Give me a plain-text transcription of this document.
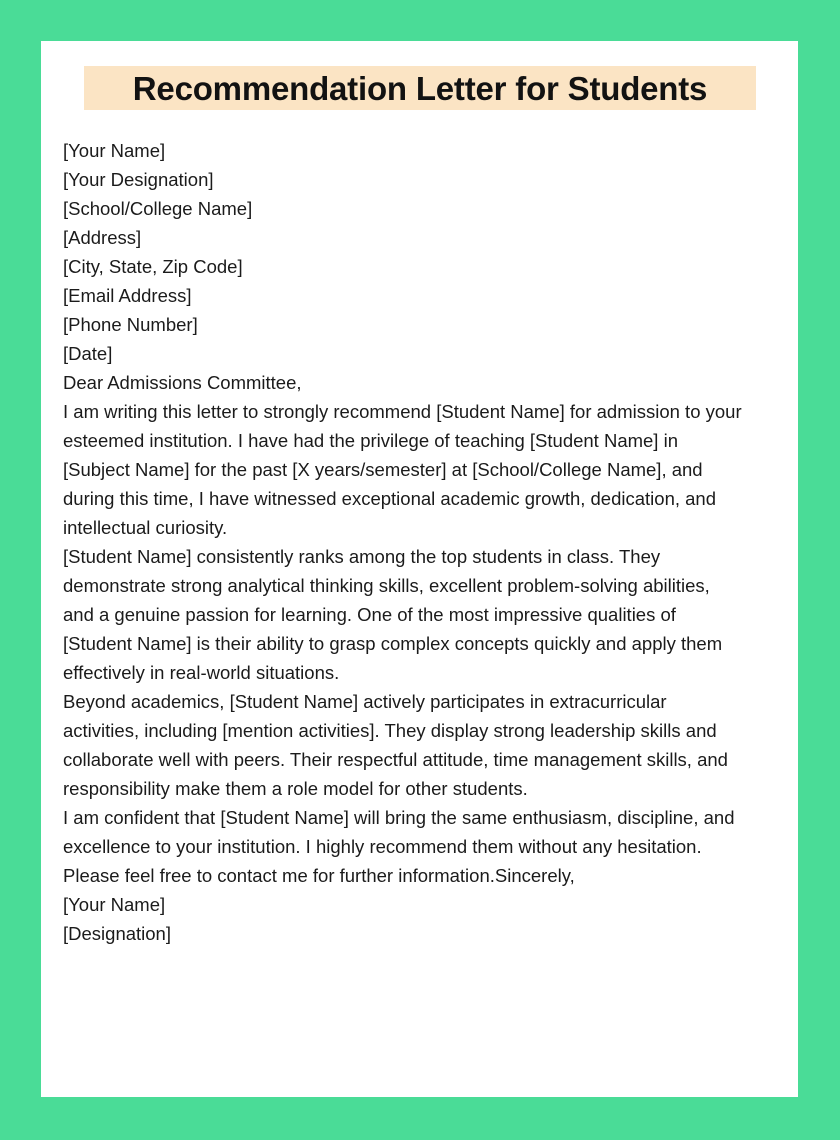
Recommendation Letter for Students
[Your Name]
[Your Designation]
[School/College Name]
[Address]
[City, State, Zip Code]
[Email Address]
[Phone Number]
[Date]
Dear Admissions Committee,

I am writing this letter to strongly recommend [Student Name] for admission to your esteemed institution. I have had the privilege of teaching [Student Name] in [Subject Name] for the past [X years/semester] at [School/College Name], and during this time, I have witnessed exceptional academic growth, dedication, and intellectual curiosity.

[Student Name] consistently ranks among the top students in class. They demonstrate strong analytical thinking skills, excellent problem-solving abilities, and a genuine passion for learning. One of the most impressive qualities of [Student Name] is their ability to grasp complex concepts quickly and apply them effectively in real-world situations.

Beyond academics, [Student Name] actively participates in extracurricular activities, including [mention activities]. They display strong leadership skills and collaborate well with peers. Their respectful attitude, time management skills, and responsibility make them a role model for other students.

I am confident that [Student Name] will bring the same enthusiasm, discipline, and excellence to your institution. I highly recommend them without any hesitation. Please feel free to contact me for further information.Sincerely,

[Your Name]
[Designation]
